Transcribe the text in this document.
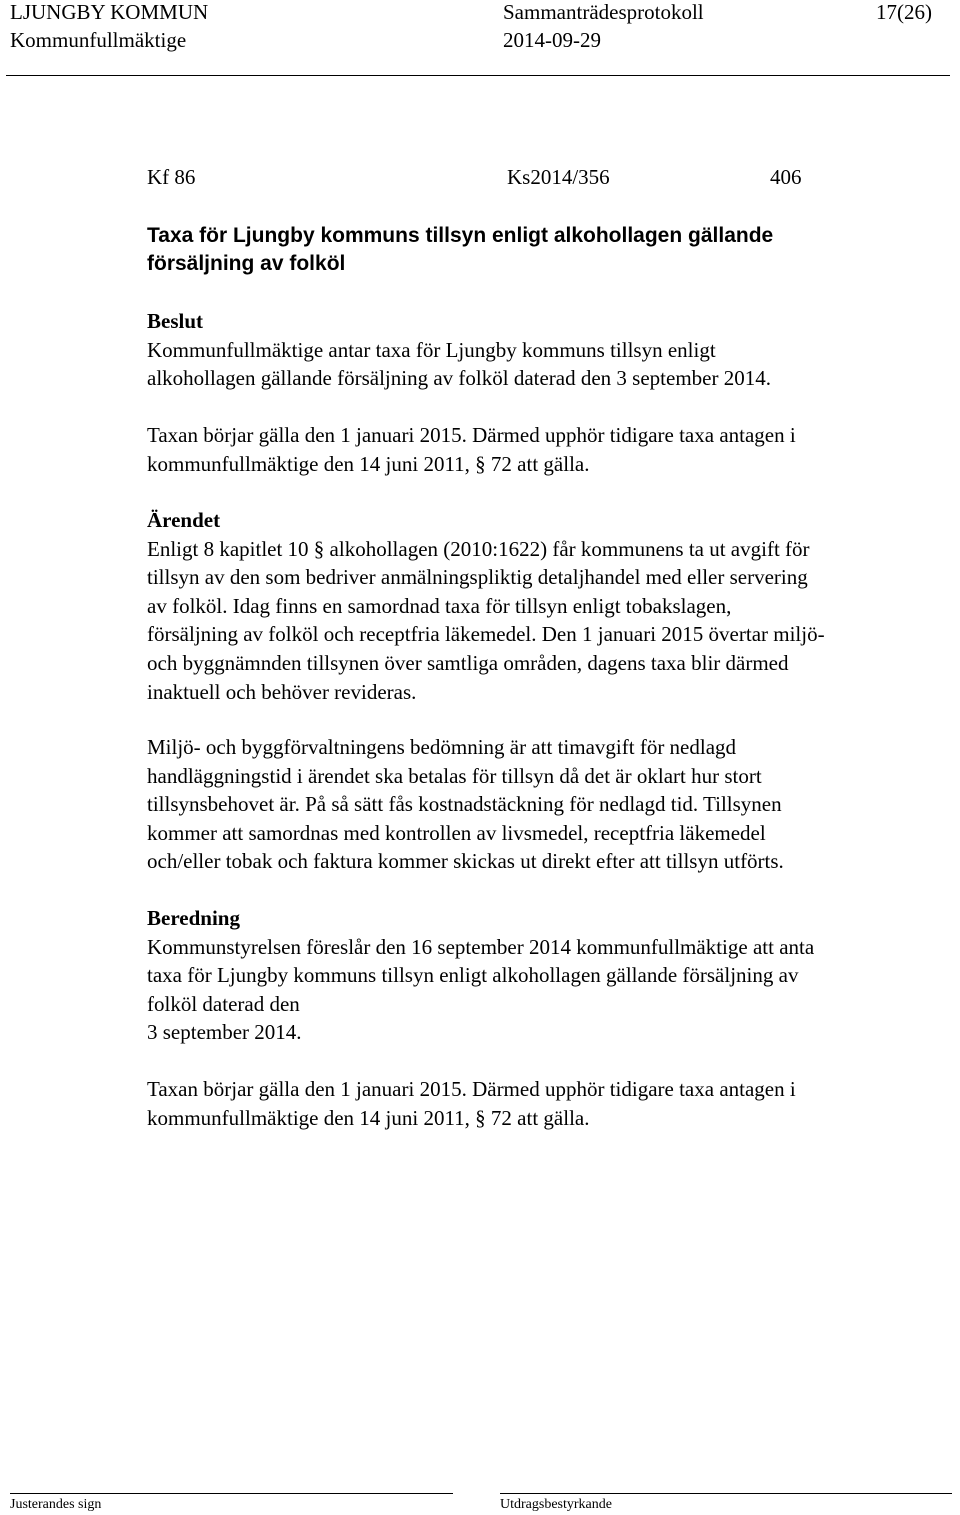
LJUNGBY KOMMUN
Kommunfullmäktige
Sammanträdesprotokoll
2014-09-29
17(26)
Kf 86	Ks2014/356	406

Taxa för Ljungby kommuns tillsyn enligt alkohollagen gällande

försäljning av folköl

Beslut

Kommunfullmäktige antar taxa för Ljungby kommuns tillsyn enligt

alkohollagen gällande försäljning av folköl daterad den 3 september 2014.

Taxan börjar gälla den 1 januari 2015. Därmed upphör tidigare taxa antagen i

kommunfullmäktige den 14 juni 2011, § 72 att gälla.

Ärendet

Enligt 8 kapitlet 10 § alkohollagen (2010:1622) får kommunens ta ut avgift för

tillsyn av den som bedriver anmälningspliktig detaljhandel med eller servering

av folköl. Idag finns en samordnad taxa för tillsyn enligt tobakslagen,

försäljning av folköl och receptfria läkemedel. Den 1 januari 2015 övertar miljö-

och byggnämnden tillsynen över samtliga områden, dagens taxa blir därmed

inaktuell och behöver revideras.

Miljö- och byggförvaltningens bedömning är att timavgift för nedlagd

handläggningstid i ärendet ska betalas för tillsyn då det är oklart hur stort

tillsynsbehovet är. På så sätt fås kostnadstäckning för nedlagd tid. Tillsynen

kommer att samordnas med kontrollen av livsmedel, receptfria läkemedel

och/eller tobak och faktura kommer skickas ut direkt efter att tillsyn utförts.

Beredning

Kommunstyrelsen föreslår den 16 september 2014 kommunfullmäktige att anta

taxa för Ljungby kommuns tillsyn enligt alkohollagen gällande försäljning av

folköl daterad den

3 september 2014.

Taxan börjar gälla den 1 januari 2015. Därmed upphör tidigare taxa antagen i

kommunfullmäktige den 14 juni 2011, § 72 att gälla.

Justerandes sign	Utdragsbestyrkande
